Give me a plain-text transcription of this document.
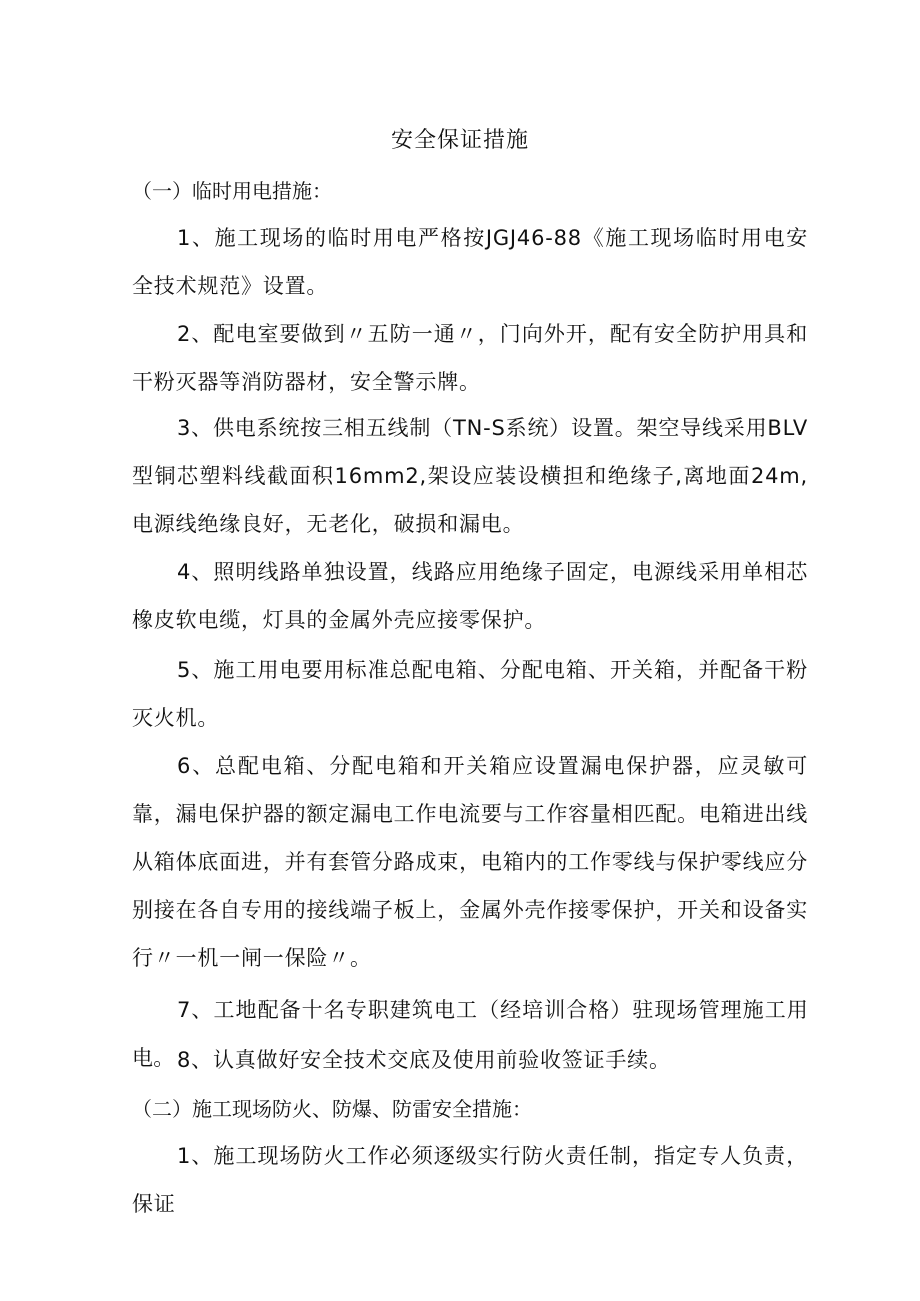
安全保证措施
（一）临时用电措施：

1、施工现场的临时用电严格按JGJ46-88《施工现场临时用电安全技术规范》设置。

2、配电室要做到〃五防一通〃，门向外开，配有安全防护用具和干粉灭器等消防器材，安全警示牌。

3、供电系统按三相五线制（TN-S系统）设置。架空导线采用BLV型铜芯塑料线截面积16mm2,架设应装设横担和绝缘子,离地面24m,电源线绝缘良好，无老化，破损和漏电。

4、照明线路单独设置，线路应用绝缘子固定，电源线采用单相芯橡皮软电缆，灯具的金属外壳应接零保护。

5、施工用电要用标准总配电箱、分配电箱、开关箱，并配备干粉灭火机。

6、总配电箱、分配电箱和开关箱应设置漏电保护器，应灵敏可靠，漏电保护器的额定漏电工作电流要与工作容量相匹配。电箱进出线从箱体底面进，并有套管分路成束，电箱内的工作零线与保护零线应分别接在各自专用的接线端子板上，金属外壳作接零保护，开关和设备实行〃一机一闸一保险〃。

7、工地配备十名专职建筑电工（经培训合格）驻现场管理施工用电。 8、认真做好安全技术交底及使用前验收签证手续。

（二）施工现场防火、防爆、防雷安全措施：

1、施工现场防火工作必须逐级实行防火责任制，指定专人负责，保证
